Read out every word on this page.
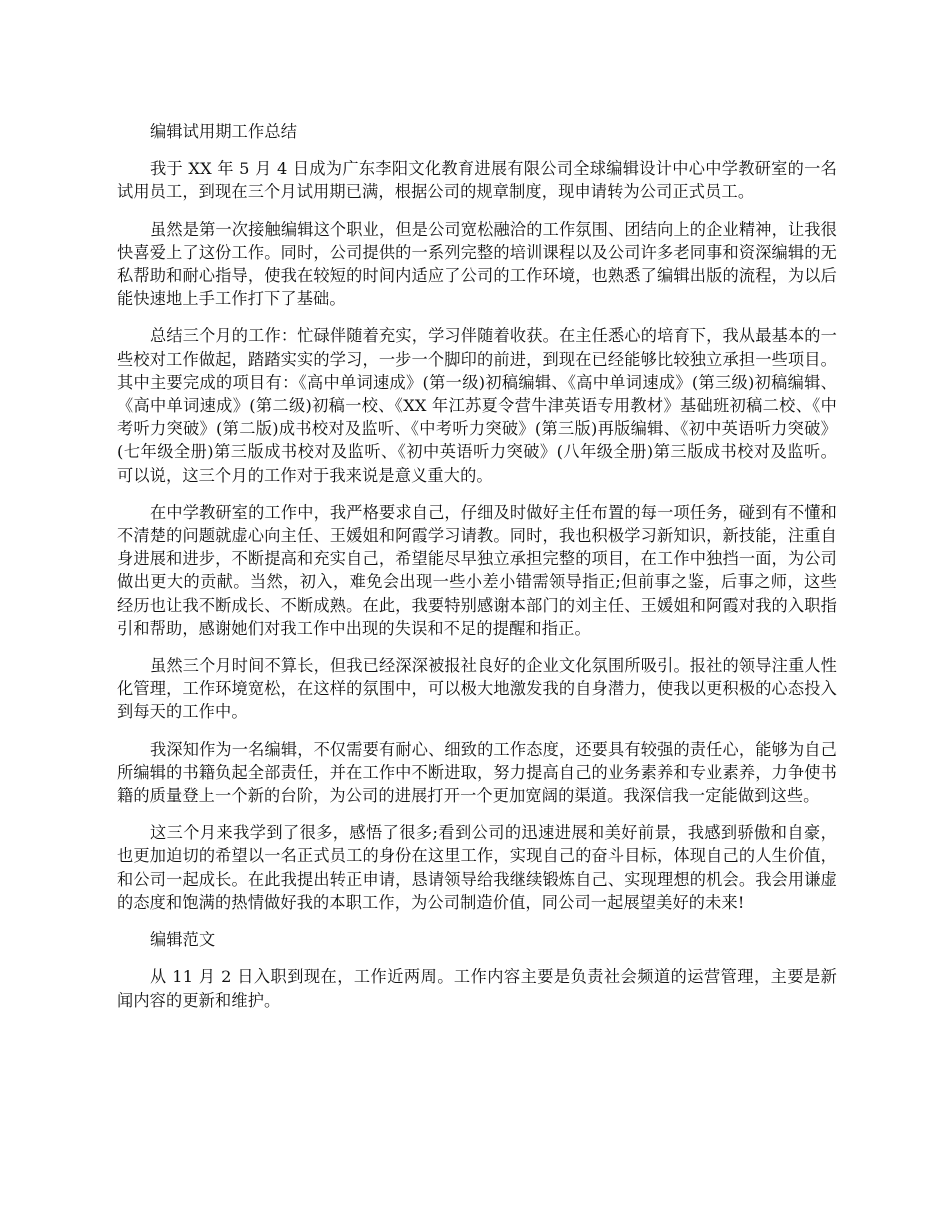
编辑试用期工作总结

我于 XX 年 5 月 4 日成为广东李阳文化教育进展有限公司全球编辑设计中心中学教研室的一名试用员工，到现在三个月试用期已满，根据公司的规章制度，现申请转为公司正式员工。

虽然是第一次接触编辑这个职业，但是公司宽松融洽的工作氛围、团结向上的企业精神，让我很快喜爱上了这份工作。同时，公司提供的一系列完整的培训课程以及公司许多老同事和资深编辑的无私帮助和耐心指导，使我在较短的时间内适应了公司的工作环境，也熟悉了编辑出版的流程，为以后能快速地上手工作打下了基础。

总结三个月的工作：忙碌伴随着充实，学习伴随着收获。在主任悉心的培育下，我从最基本的一些校对工作做起，踏踏实实的学习，一步一个脚印的前进，到现在已经能够比较独立承担一些项目。其中主要完成的项目有：《高中单词速成》(第一级)初稿编辑、《高中单词速成》(第三级)初稿编辑、《高中单词速成》(第二级)初稿一校、《XX 年江苏夏令营牛津英语专用教材》基础班初稿二校、《中考听力突破》(第二版)成书校对及监听、《中考听力突破》(第三版)再版编辑、《初中英语听力突破》(七年级全册)第三版成书校对及监听、《初中英语听力突破》(八年级全册)第三版成书校对及监听。可以说，这三个月的工作对于我来说是意义重大的。

在中学教研室的工作中，我严格要求自己，仔细及时做好主任布置的每一项任务，碰到有不懂和不清楚的问题就虚心向主任、王媛姐和阿霞学习请教。同时，我也积极学习新知识，新技能，注重自身进展和进步，不断提高和充实自己，希望能尽早独立承担完整的项目，在工作中独挡一面，为公司做出更大的贡献。当然，初入，难免会出现一些小差小错需领导指正;但前事之鉴，后事之师，这些经历也让我不断成长、不断成熟。在此，我要特别感谢本部门的刘主任、王媛姐和阿霞对我的入职指引和帮助，感谢她们对我工作中出现的失误和不足的提醒和指正。

虽然三个月时间不算长，但我已经深深被报社良好的企业文化氛围所吸引。报社的领导注重人性化管理，工作环境宽松，在这样的氛围中，可以极大地激发我的自身潜力，使我以更积极的心态投入到每天的工作中。

我深知作为一名编辑，不仅需要有耐心、细致的工作态度，还要具有较强的责任心，能够为自己所编辑的书籍负起全部责任，并在工作中不断进取，努力提高自己的业务素养和专业素养，力争使书籍的质量登上一个新的台阶，为公司的进展打开一个更加宽阔的渠道。我深信我一定能做到这些。

这三个月来我学到了很多，感悟了很多;看到公司的迅速进展和美好前景，我感到骄傲和自豪，也更加迫切的希望以一名正式员工的身份在这里工作，实现自己的奋斗目标，体现自己的人生价值，和公司一起成长。在此我提出转正申请，恳请领导给我继续锻炼自己、实现理想的机会。我会用谦虚的态度和饱满的热情做好我的本职工作，为公司制造价值，同公司一起展望美好的未来!

编辑范文

从 11 月 2 日入职到现在，工作近两周。工作内容主要是负责社会频道的运营管理，主要是新闻内容的更新和维护。
